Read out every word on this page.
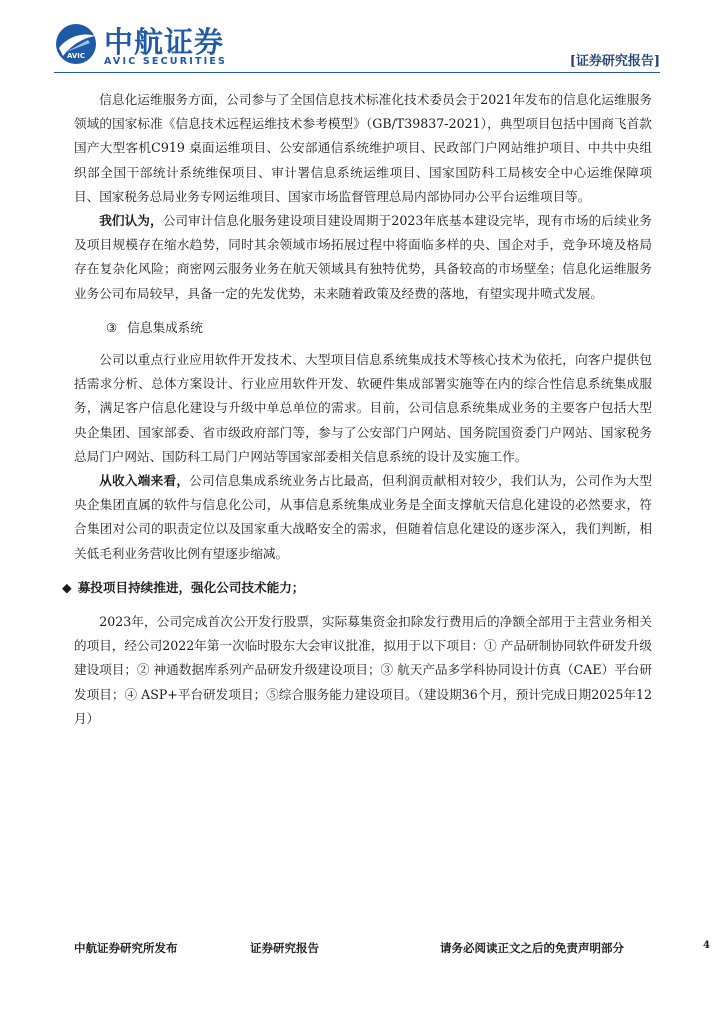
AVIC 中航证券
AVIC SECURITIES	[证券研究报告]

信息化运维服务方面，公司参与了全国信息技术标准化技术委员会于2021年发布的信息化运维服务领域的国家标准《信息技术远程运维技术参考模型》（GB/T39837-2021），典型项目包括中国商飞首款国产大型客机C919 桌面运维项目、公安部通信系统维护项目、民政部门户网站维护项目、中共中央组织部全国干部统计系统维保项目、审计署信息系统运维项目、国家国防科工局核安全中心运维保障项目、国家税务总局业务专网运维项目、国家市场监督管理总局内部协同办公平台运维项目等。

我们认为，公司审计信息化服务建设项目建设周期于2023年底基本建设完毕，现有市场的后续业务及项目规模存在缩水趋势，同时其余领域市场拓展过程中将面临多样的央、国企对手，竞争环境及格局存在复杂化风险；商密网云服务业务在航天领域具有独特优势，具备较高的市场壁垒；信息化运维服务业务公司布局较早，具备一定的先发优势，未来随着政策及经费的落地，有望实现井喷式发展。

③ 信息集成系统

公司以重点行业应用软件开发技术、大型项目信息系统集成技术等核心技术为依托，向客户提供包括需求分析、总体方案设计、行业应用软件开发、软硬件集成部署实施等在内的综合性信息系统集成服务，满足客户信息化建设与升级中单总单位的需求。目前，公司信息系统集成业务的主要客户包括大型央企集团、国家部委、省市级政府部门等，参与了公安部门户网站、国务院国资委门户网站、国家税务总局门户网站、国防科工局门户网站等国家部委相关信息系统的设计及实施工作。

从收入端来看，公司信息集成系统业务占比最高，但利润贡献相对较少，我们认为，公司作为大型央企集团直属的软件与信息化公司，从事信息系统集成业务是全面支撑航天信息化建设的必然要求，符合集团对公司的职责定位以及国家重大战略安全的需求，但随着信息化建设的逐步深入，我们判断，相关低毛利业务营收比例有望逐步缩减。

◆ 募投项目持续推进，强化公司技术能力；

2023年，公司完成首次公开发行股票，实际募集资金扣除发行费用后的净额全部用于主营业务相关的项目，经公司2022年第一次临时股东大会审议批准，拟用于以下项目：① 产品研制协同软件研发升级建设项目；② 神通数据库系列产品研发升级建设项目；③ 航天产品多学科协同设计仿真（CAE）平台研发项目；④ ASP+平台研发项目；⑤综合服务能力建设项目。（建设期36个月，预计完成日期2025年12月）

中航证券研究所发布	证券研究报告	请务必阅读正文之后的免责声明部分	4
